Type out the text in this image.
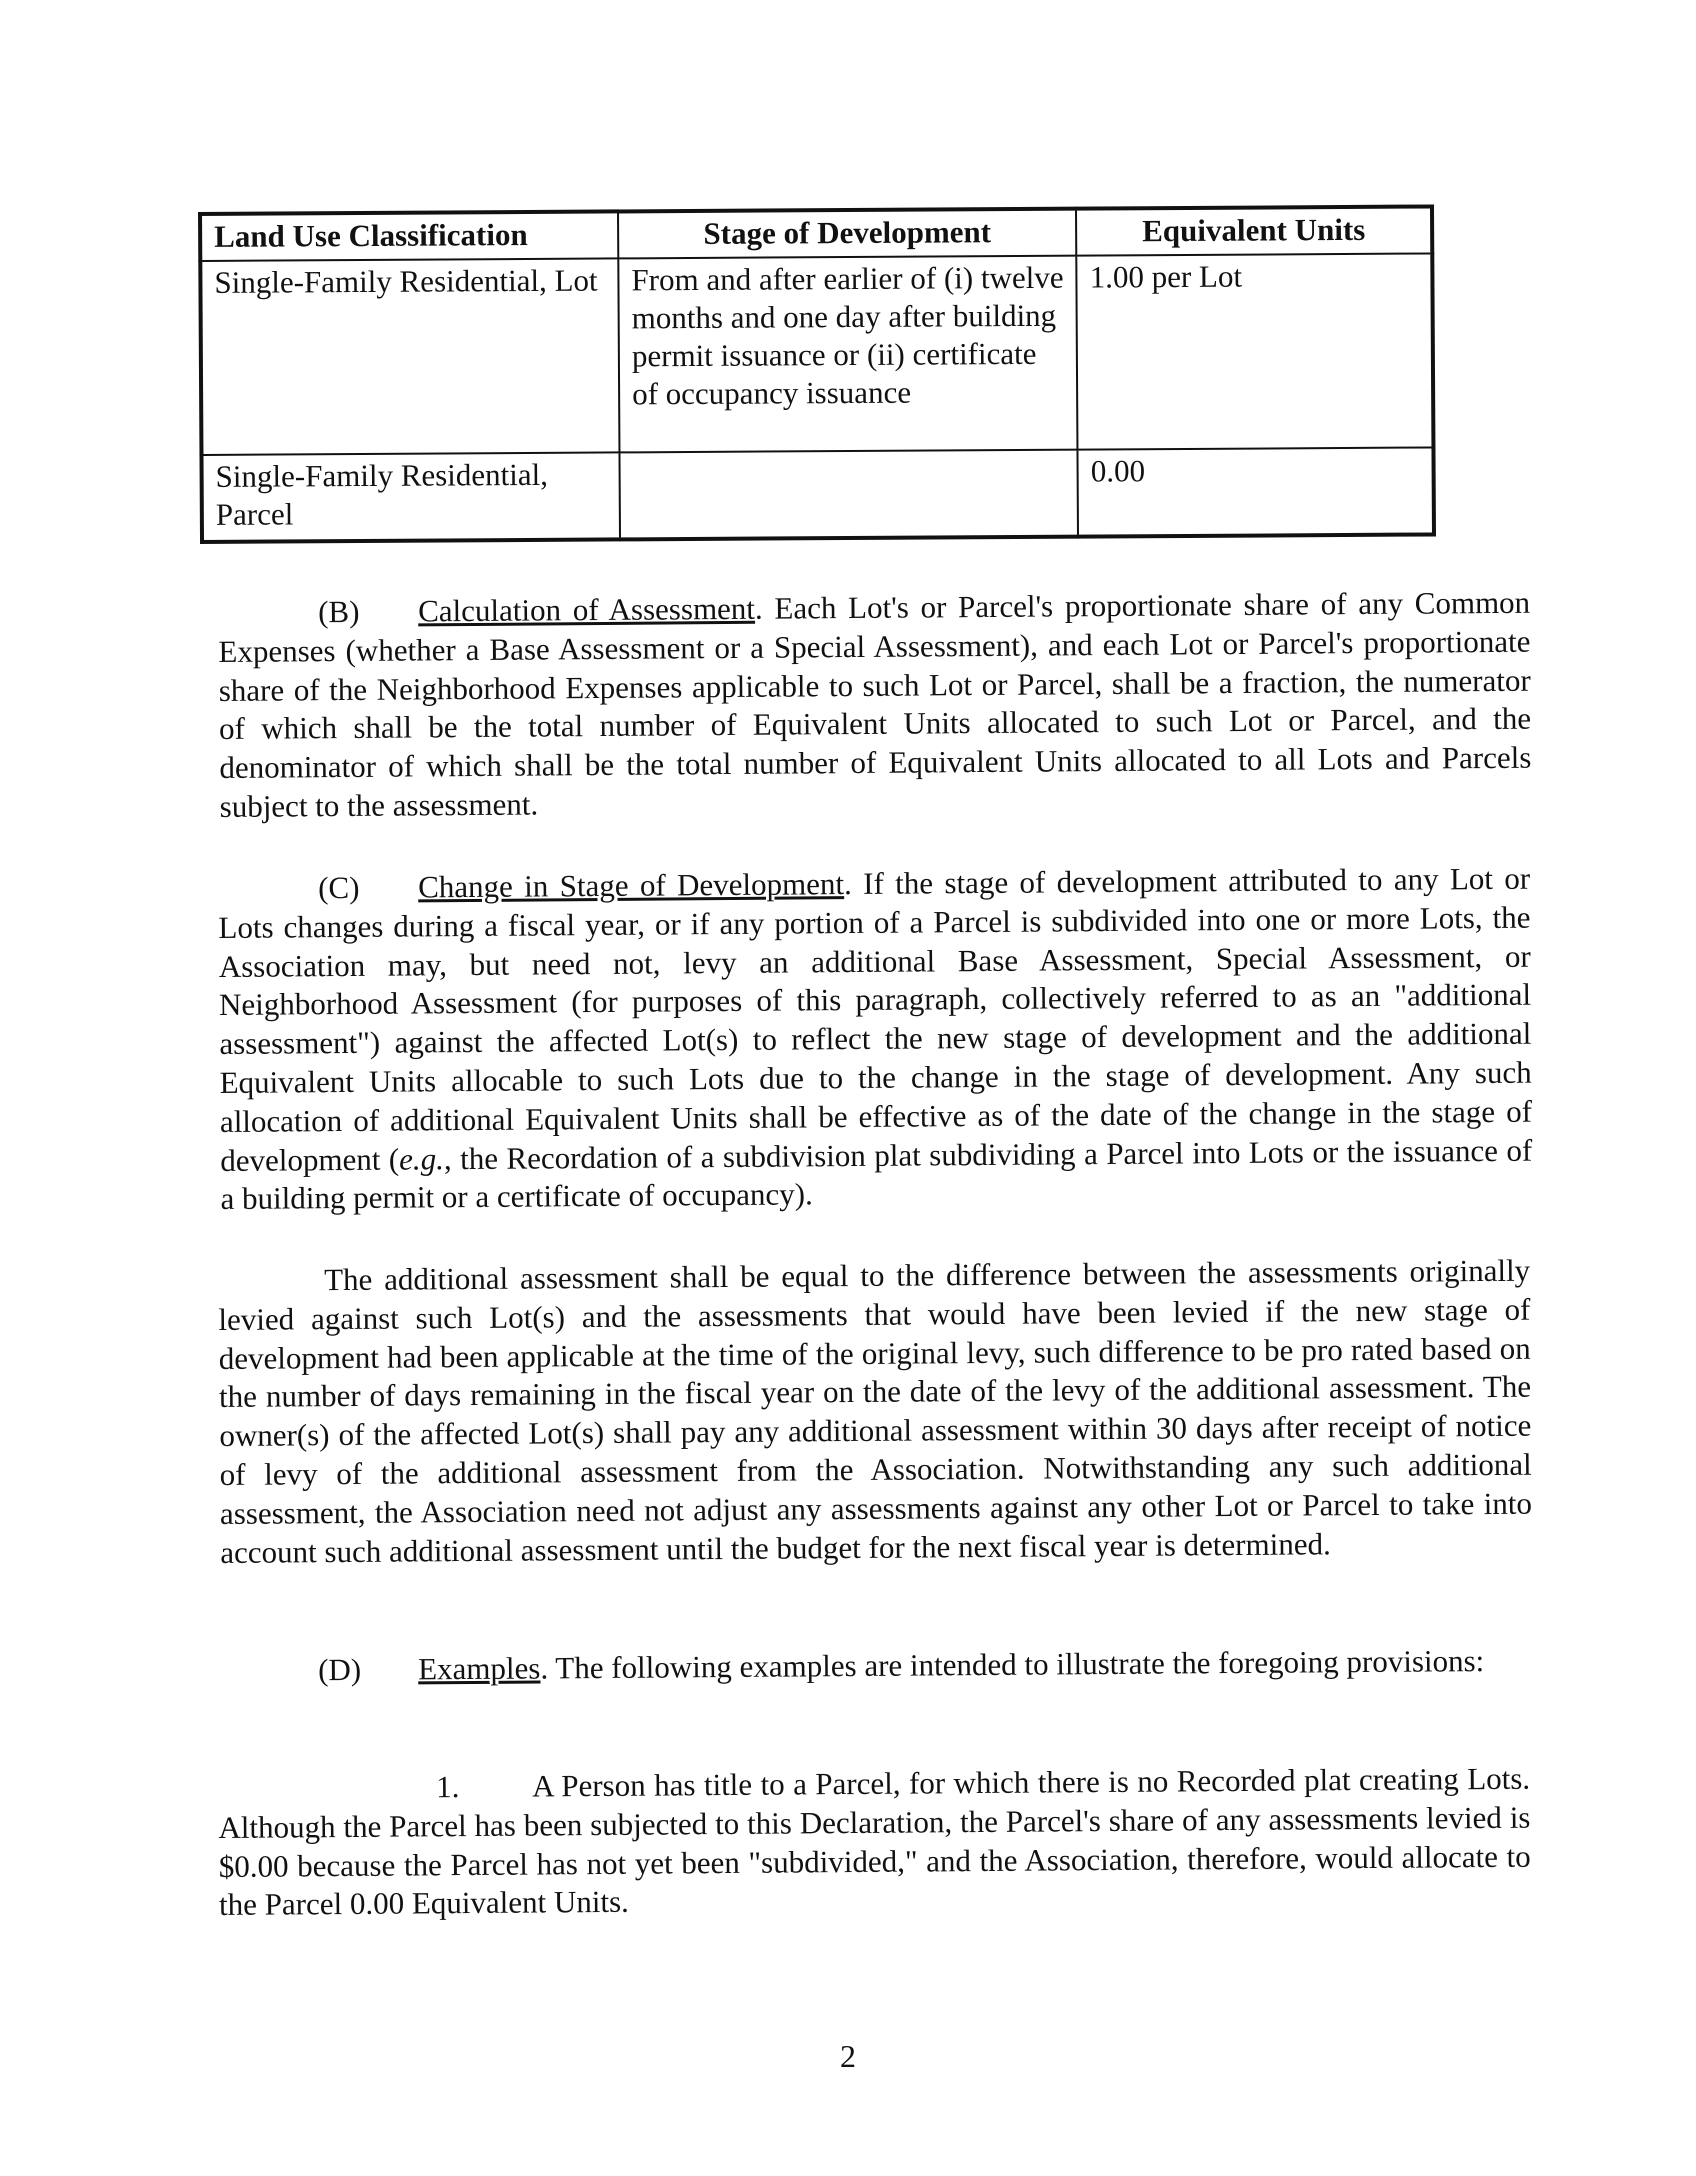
Land Use Classification	Stage of Development	Equivalent Units
Single-Family Residential, Lot	From and after earlier of (i) twelve months and one day after building permit issuance or (ii) certificate of occupancy issuance	1.00 per Lot
Single-Family Residential, Parcel		0.00

(B) Calculation of Assessment. Each Lot's or Parcel's proportionate share of any Common Expenses (whether a Base Assessment or a Special Assessment), and each Lot or Parcel's proportionate share of the Neighborhood Expenses applicable to such Lot or Parcel, shall be a fraction, the numerator of which shall be the total number of Equivalent Units allocated to such Lot or Parcel, and the denominator of which shall be the total number of Equivalent Units allocated to all Lots and Parcels subject to the assessment.

(C) Change in Stage of Development. If the stage of development attributed to any Lot or Lots changes during a fiscal year, or if any portion of a Parcel is subdivided into one or more Lots, the Association may, but need not, levy an additional Base Assessment, Special Assessment, or Neighborhood Assessment (for purposes of this paragraph, collectively referred to as an "additional assessment") against the affected Lot(s) to reflect the new stage of development and the additional Equivalent Units allocable to such Lots due to the change in the stage of development. Any such allocation of additional Equivalent Units shall be effective as of the date of the change in the stage of development (e.g., the Recordation of a subdivision plat subdividing a Parcel into Lots or the issuance of a building permit or a certificate of occupancy).

The additional assessment shall be equal to the difference between the assessments originally levied against such Lot(s) and the assessments that would have been levied if the new stage of development had been applicable at the time of the original levy, such difference to be pro rated based on the number of days remaining in the fiscal year on the date of the levy of the additional assessment. The owner(s) of the affected Lot(s) shall pay any additional assessment within 30 days after receipt of notice of levy of the additional assessment from the Association. Notwithstanding any such additional assessment, the Association need not adjust any assessments against any other Lot or Parcel to take into account such additional assessment until the budget for the next fiscal year is determined.

(D) Examples. The following examples are intended to illustrate the foregoing provisions:

1. A Person has title to a Parcel, for which there is no Recorded plat creating Lots. Although the Parcel has been subjected to this Declaration, the Parcel's share of any assessments levied is $0.00 because the Parcel has not yet been "subdivided," and the Association, therefore, would allocate to the Parcel 0.00 Equivalent Units.

2
